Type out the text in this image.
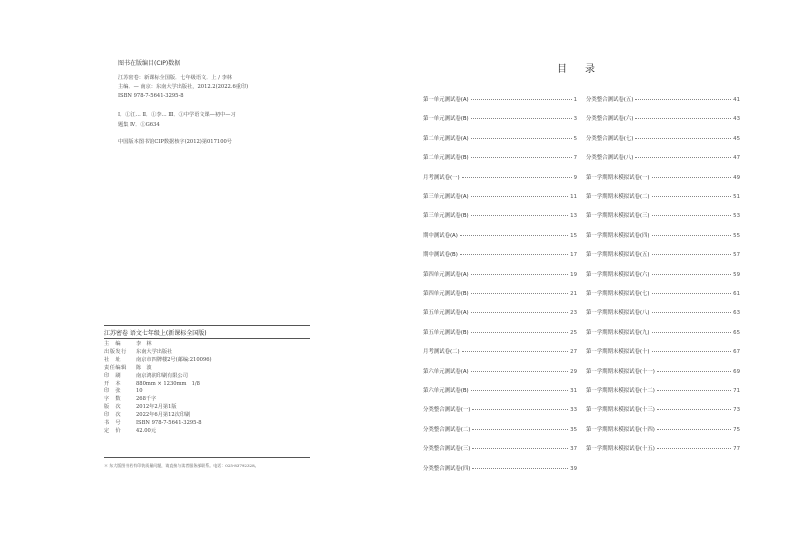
图书在版编目(CIP)数据
江苏密卷：新课标全国版．七年级语文．上 / 李林
主编．— 南京：东南大学出版社，2012.2(2022.6重印)
ISBN 978-7-5641-3295-8
Ⅰ．①江… Ⅱ．①李… Ⅲ．①中学语文课—初中—习
题集 Ⅳ．①G634
中国版本图书馆CIP数据核字(2012)第017100号
江苏密卷 语文七年级上(新课标全国版)
主　编	李　林
出版发行	东南大学出版社
社　址	南京市四牌楼2号(邮编:210096)
责任编辑	陈　波
印　刷	南京鸿润印刷有限公司
开　本	880mm × 1230mm　1/8
印　张	10
字　数	268千字
版　次	2012年2月第1版
印　次	2022年6月第12次印刷
书　号	ISBN 978-7-5641-3295-8
定　价	42.00元
＊ 东大版图书若有印装质量问题，请直接与读者服务部联系。电话：025-83792328。
目录
第一单元测试卷(A)	1
第一单元测试卷(B)	3
第二单元测试卷(A)	5
第二单元测试卷(B)	7
月考测试卷(一)	9
第三单元测试卷(A)	11
第三单元测试卷(B)	13
期中测试卷(A)	15
期中测试卷(B)	17
第四单元测试卷(A)	19
第四单元测试卷(B)	21
第五单元测试卷(A)	23
第五单元测试卷(B)	25
月考测试卷(二)	27
第六单元测试卷(A)	29
第六单元测试卷(B)	31
分类整合测试卷(一)	33
分类整合测试卷(二)	35
分类整合测试卷(三)	37
分类整合测试卷(四)	39
分类整合测试卷(五)	41
分类整合测试卷(六)	43
分类整合测试卷(七)	45
分类整合测试卷(八)	47
第一学期期末模拟试卷(一)	49
第一学期期末模拟试卷(二)	51
第一学期期末模拟试卷(三)	53
第一学期期末模拟试卷(四)	55
第一学期期末模拟试卷(五)	57
第一学期期末模拟试卷(六)	59
第一学期期末模拟试卷(七)	61
第一学期期末模拟试卷(八)	63
第一学期期末模拟试卷(九)	65
第一学期期末模拟试卷(十)	67
第一学期期末模拟试卷(十一)	69
第一学期期末模拟试卷(十二)	71
第一学期期末模拟试卷(十三)	73
第一学期期末模拟试卷(十四)	75
第一学期期末模拟试卷(十五)	77
